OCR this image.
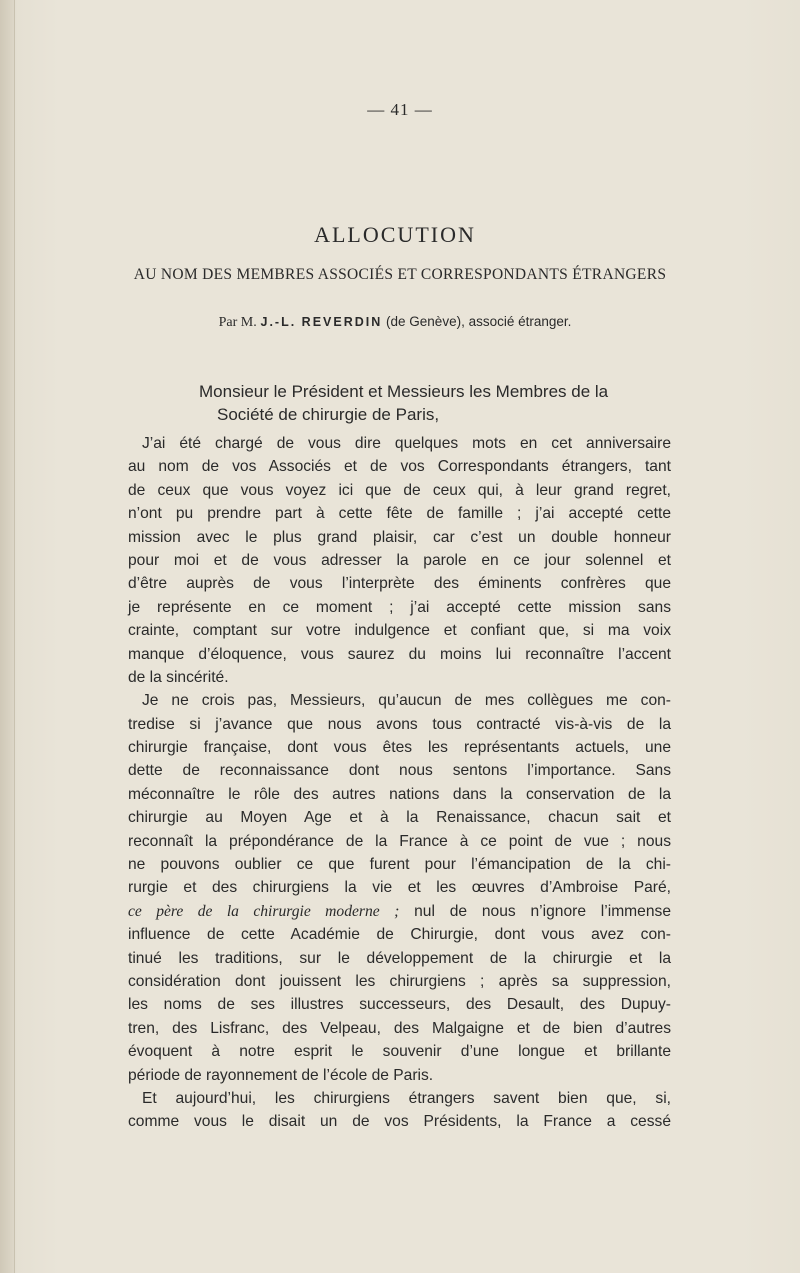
— 41 —
ALLOCUTION
AU NOM DES MEMBRES ASSOCIÉS ET CORRESPONDANTS ÉTRANGERS
Par M. J.-L. REVERDIN (de Genève), associé étranger.
Monsieur le Président et Messieurs les Membres de la
Société de chirurgie de Paris,
J’ai été chargé de vous dire quelques mots en cet anniversaire
au nom de vos Associés et de vos Correspondants étrangers, tant
de ceux que vous voyez ici que de ceux qui, à leur grand regret,
n’ont pu prendre part à cette fête de famille ; j’ai accepté cette
mission avec le plus grand plaisir, car c’est un double honneur
pour moi et de vous adresser la parole en ce jour solennel et
d’être auprès de vous l’interprète des éminents confrères que
je représente en ce moment ; j’ai accepté cette mission sans
crainte, comptant sur votre indulgence et confiant que, si ma voix
manque d’éloquence, vous saurez du moins lui reconnaître l’accent
de la sincérité.
Je ne crois pas, Messieurs, qu’aucun de mes collègues me con-
tredise si j’avance que nous avons tous contracté vis-à-vis de la
chirurgie française, dont vous êtes les représentants actuels, une
dette de reconnaissance dont nous sentons l’importance. Sans
méconnaître le rôle des autres nations dans la conservation de la
chirurgie au Moyen Age et à la Renaissance, chacun sait et
reconnaît la prépondérance de la France à ce point de vue ; nous
ne pouvons oublier ce que furent pour l’émancipation de la chi-
rurgie et des chirurgiens la vie et les œuvres d’Ambroise Paré,
ce père de la chirurgie moderne ; nul de nous n’ignore l’immense
influence de cette Académie de Chirurgie, dont vous avez con-
tinué les traditions, sur le développement de la chirurgie et la
considération dont jouissent les chirurgiens ; après sa suppression,
les noms de ses illustres successeurs, des Desault, des Dupuy-
tren, des Lisfranc, des Velpeau, des Malgaigne et de bien d’autres
évoquent à notre esprit le souvenir d’une longue et brillante
période de rayonnement de l’école de Paris.
Et aujourd’hui, les chirurgiens étrangers savent bien que, si,
comme vous le disait un de vos Présidents, la France a cessé
